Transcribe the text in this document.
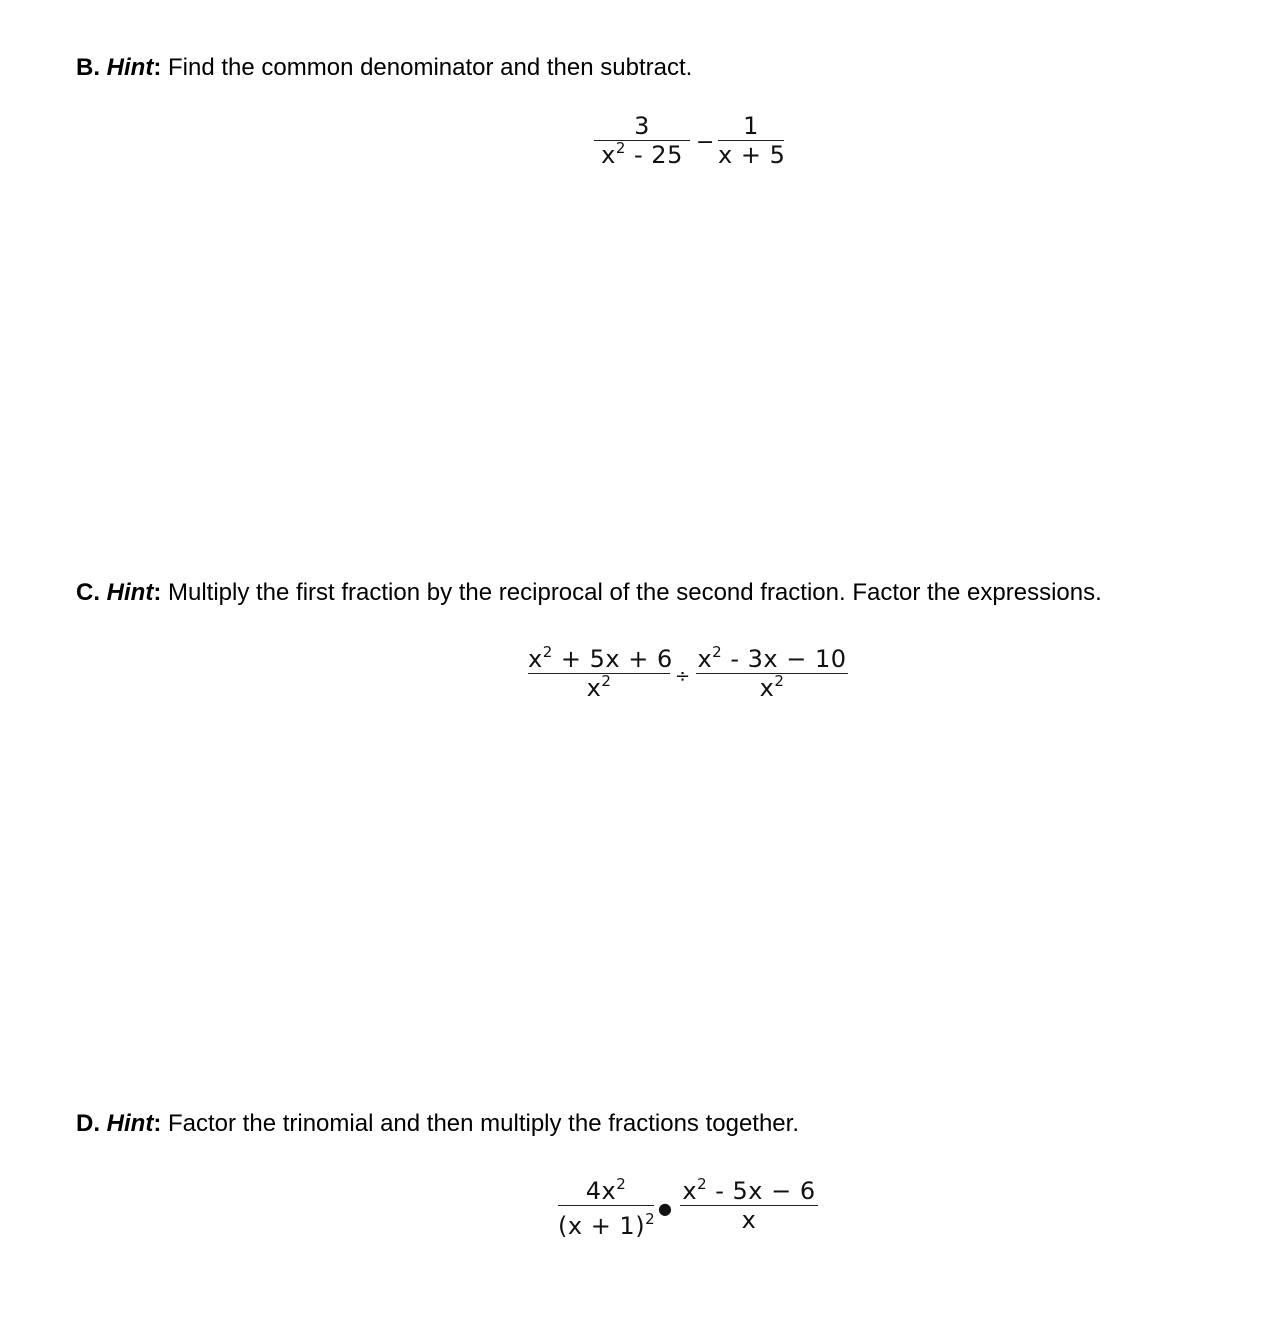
B. Hint: Find the common denominator and then subtract.
3
$x^2 - 25$ −
1
x + 5
C. Hint: Multiply the first fraction by the reciprocal of the second fraction. Factor the expressions.
$x^2 + 5x + 6$
$x^2$	÷
$x^2 - 3x - 10$
$x^2$
D. Hint: Factor the trinomial and then multiply the fractions together.
$4x^2$
$(x + 1)^2$
●
$x^2 - 5x - 6$
x
